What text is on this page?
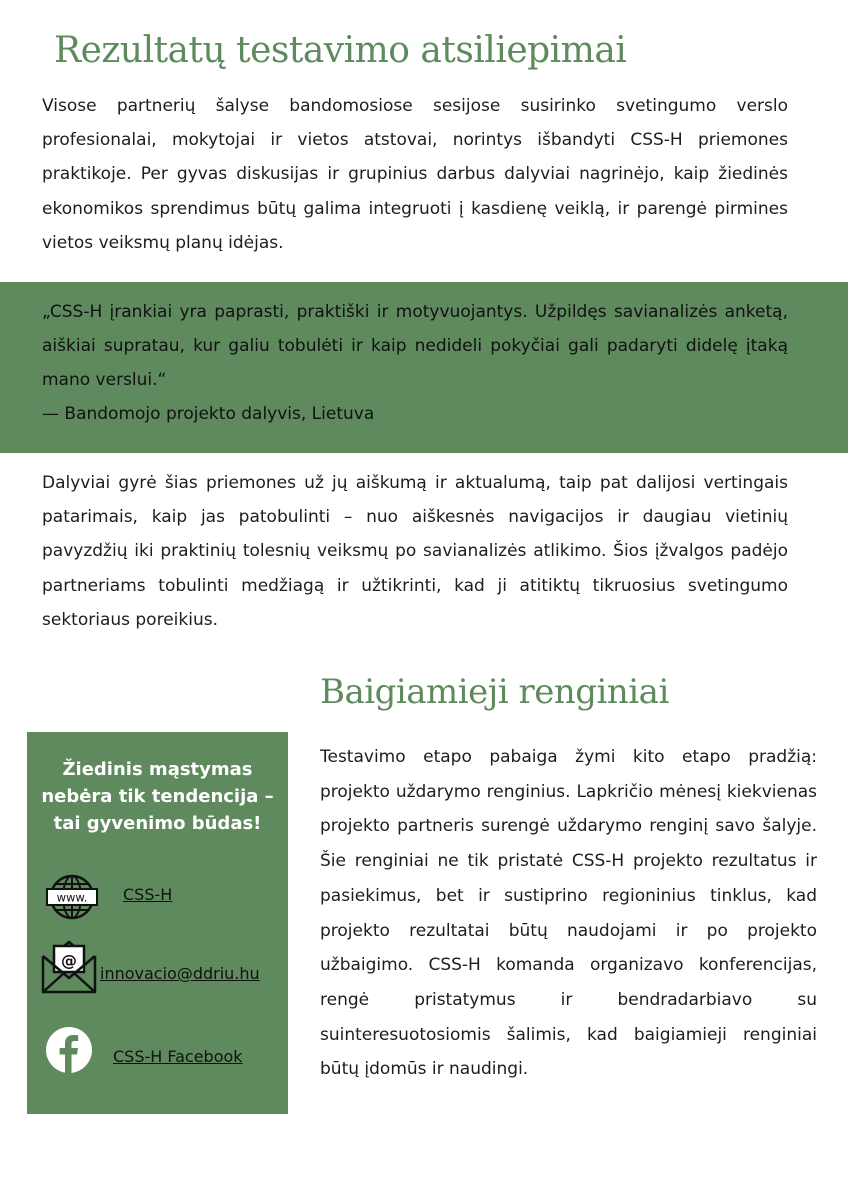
Rezultatų testavimo atsiliepimai

Visose partnerių šalyse bandomosiose sesijose susirinko svetingumo verslo profesionalai, mokytojai ir vietos atstovai, norintys išbandyti CSS-H priemones praktikoje. Per gyvas diskusijas ir grupinius darbus dalyviai nagrinėjo, kaip žiedinės ekonomikos sprendimus būtų galima integruoti į kasdienę veiklą, ir parengė pirmines vietos veiksmų planų idėjas.

„CSS-H įrankiai yra paprasti, praktiški ir motyvuojantys. Užpildęs savianalizės anketą, aiškiai supratau, kur galiu tobulėti ir kaip nedideli pokyčiai gali padaryti didelę įtaką mano verslui.“

— Bandomojo projekto dalyvis, Lietuva

Dalyviai gyrė šias priemones už jų aiškumą ir aktualumą, taip pat dalijosi vertingais patarimais, kaip jas patobulinti – nuo aiškesnės navigacijos ir daugiau vietinių pavyzdžių iki praktinių tolesnių veiksmų po savianalizės atlikimo. Šios įžvalgos padėjo partneriams tobulinti medžiagą ir užtikrinti, kad ji atitiktų tikruosius svetingumo sektoriaus poreikius.

Baigiamieji renginiai

Testavimo etapo pabaiga žymi kito etapo pradžią: projekto uždarymo renginius. Lapkričio mėnesį kiekvienas projekto partneris surengė uždarymo renginį savo šalyje. Šie renginiai ne tik pristatė CSS-H projekto rezultatus ir pasiekimus, bet ir sustiprino regioninius tinklus, kad projekto rezultatai būtų naudojami ir po projekto užbaigimo. CSS-H komanda organizavo konferencijas, rengė pristatymus ir bendradarbiavo su suinteresuotosiomis šalimis, kad baigiamieji renginiai būtų įdomūs ir naudingi.

Žiedinis mąstymas nebėra tik tendencija – tai gyvenimo būdas!

www. CSS-H
@
innovacio@ddriu.hu
CSS-H Facebook
